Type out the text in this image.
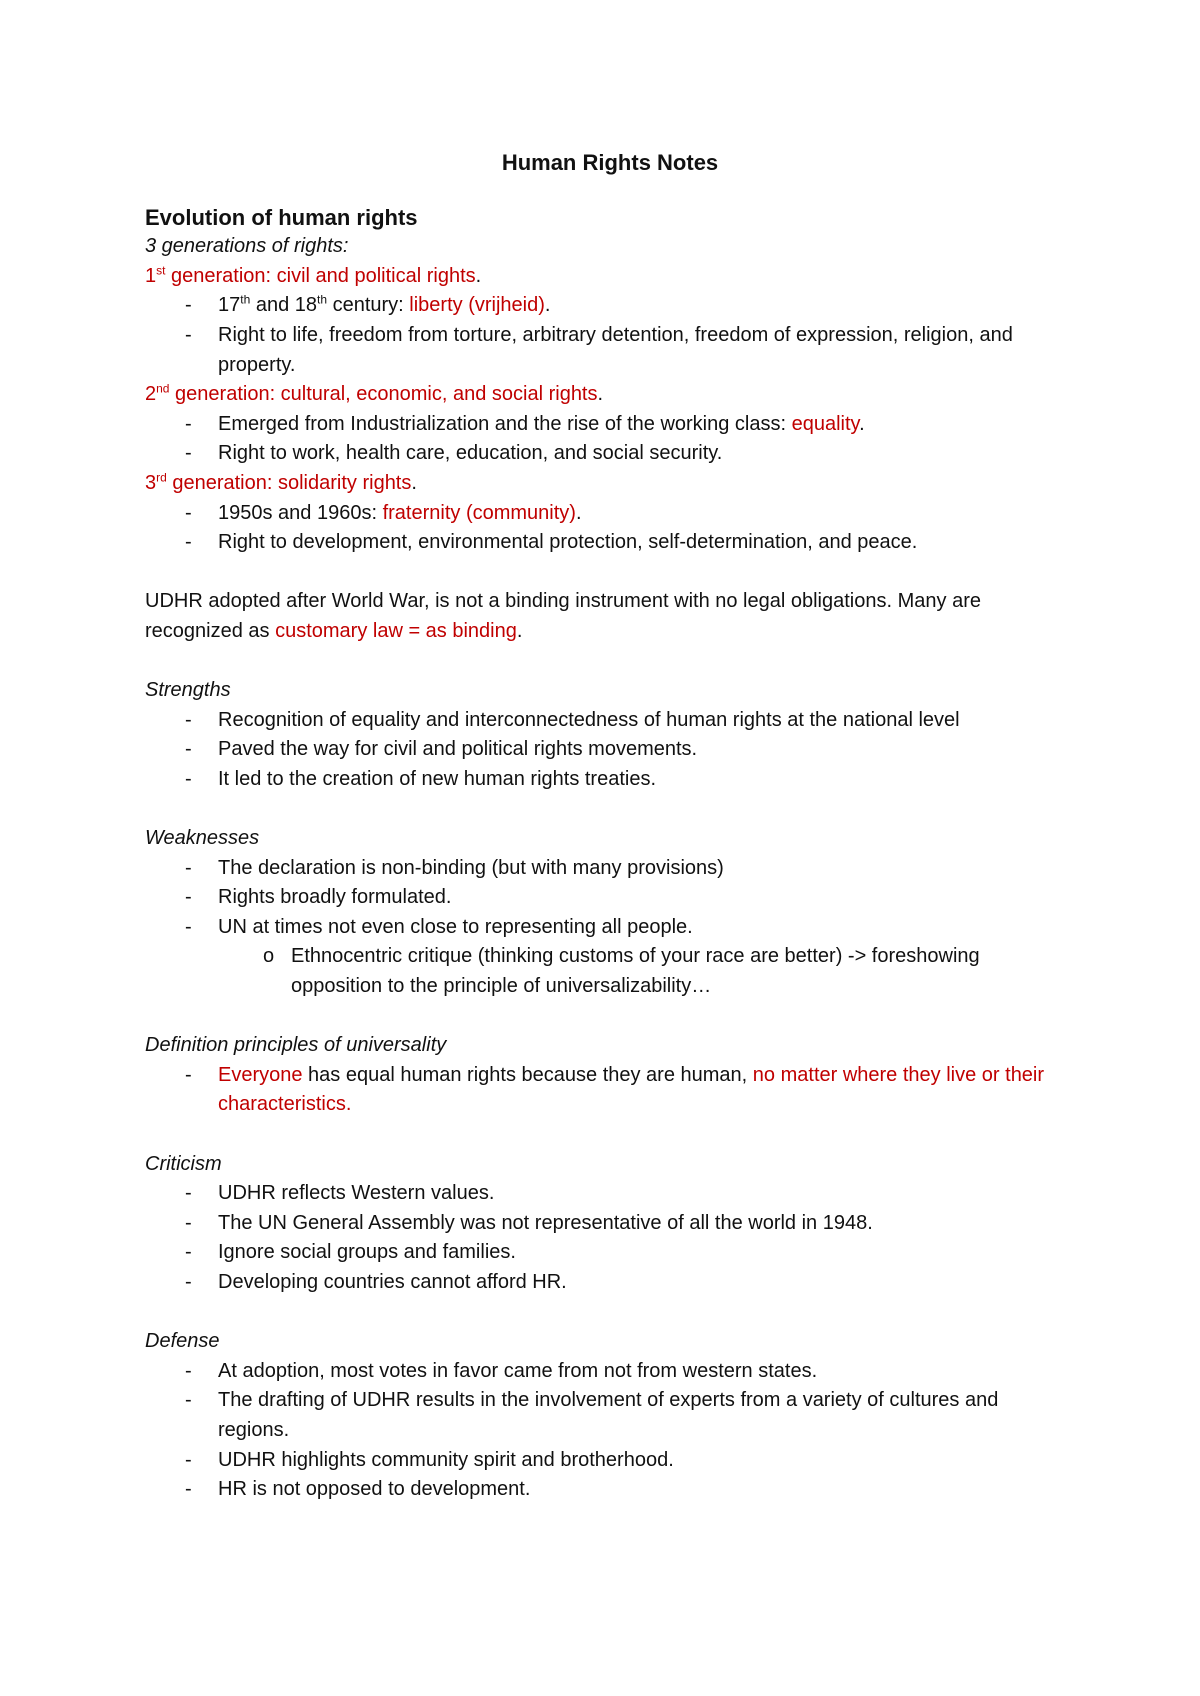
Human Rights Notes
Evolution of human rights
3 generations of rights:
1st generation: civil and political rights.
- 17th and 18th century: liberty (vrijheid).
- Right to life, freedom from torture, arbitrary detention, freedom of expression, religion, and property.
2nd generation: cultural, economic, and social rights.
- Emerged from Industrialization and the rise of the working class: equality.
- Right to work, health care, education, and social security.
3rd generation: solidarity rights.
- 1950s and 1960s: fraternity (community).
- Right to development, environmental protection, self-determination, and peace.
UDHR adopted after World War, is not a binding instrument with no legal obligations. Many are recognized as customary law = as binding.
Strengths
- Recognition of equality and interconnectedness of human rights at the national level
- Paved the way for civil and political rights movements.
- It led to the creation of new human rights treaties.
Weaknesses
- The declaration is non-binding (but with many provisions)
- Rights broadly formulated.
- UN at times not even close to representing all people.
o Ethnocentric critique (thinking customs of your race are better) -> foreshowing opposition to the principle of universalizability…
Definition principles of universality
- Everyone has equal human rights because they are human, no matter where they live or their characteristics.
Criticism
- UDHR reflects Western values.
- The UN General Assembly was not representative of all the world in 1948.
- Ignore social groups and families.
- Developing countries cannot afford HR.
Defense
- At adoption, most votes in favor came from not from western states.
- The drafting of UDHR results in the involvement of experts from a variety of cultures and regions.
- UDHR highlights community spirit and brotherhood.
- HR is not opposed to development.
